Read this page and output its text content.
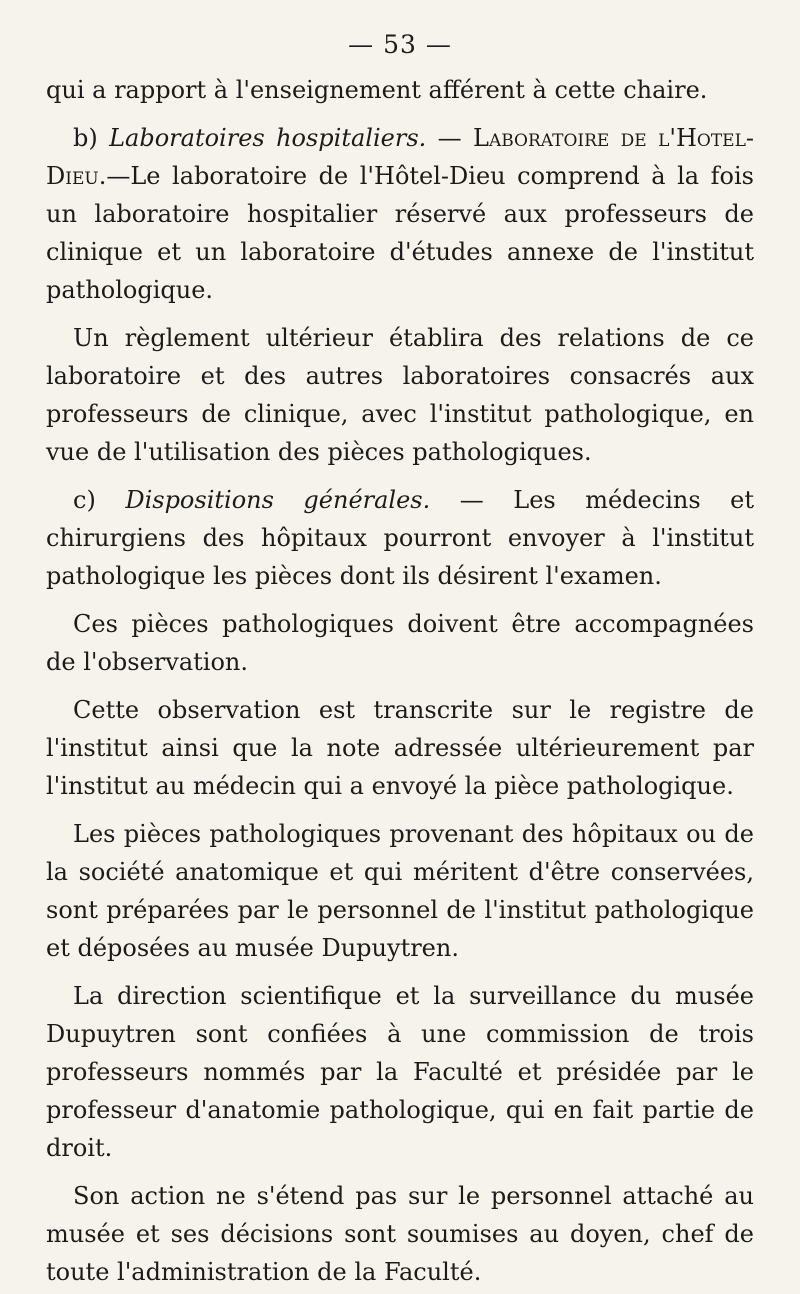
— 53 —

qui a rapport à l'enseignement afférent à cette chaire.

b) Laboratoires hospitaliers. — Laboratoire de l'Hotel-Dieu.—Le laboratoire de l'Hôtel-Dieu comprend à la fois un laboratoire hospitalier réservé aux professeurs de clinique et un laboratoire d'études annexe de l'institut pathologique.

Un règlement ultérieur établira des relations de ce laboratoire et des autres laboratoires consacrés aux professeurs de clinique, avec l'institut pathologique, en vue de l'utilisation des pièces pathologiques.

c) Dispositions générales. — Les médecins et chirurgiens des hôpitaux pourront envoyer à l'institut pathologique les pièces dont ils désirent l'examen.

Ces pièces pathologiques doivent être accompagnées de l'observation.

Cette observation est transcrite sur le registre de l'institut ainsi que la note adressée ultérieurement par l'institut au médecin qui a envoyé la pièce pathologique.

Les pièces pathologiques provenant des hôpitaux ou de la société anatomique et qui méritent d'être conservées, sont préparées par le personnel de l'institut pathologique et déposées au musée Dupuytren.

La direction scientifique et la surveillance du musée Dupuytren sont confiées à une commission de trois professeurs nommés par la Faculté et présidée par le professeur d'anatomie pathologique, qui en fait partie de droit.

Son action ne s'étend pas sur le personnel attaché au musée et ses décisions sont soumises au doyen, chef de toute l'administration de la Faculté.
